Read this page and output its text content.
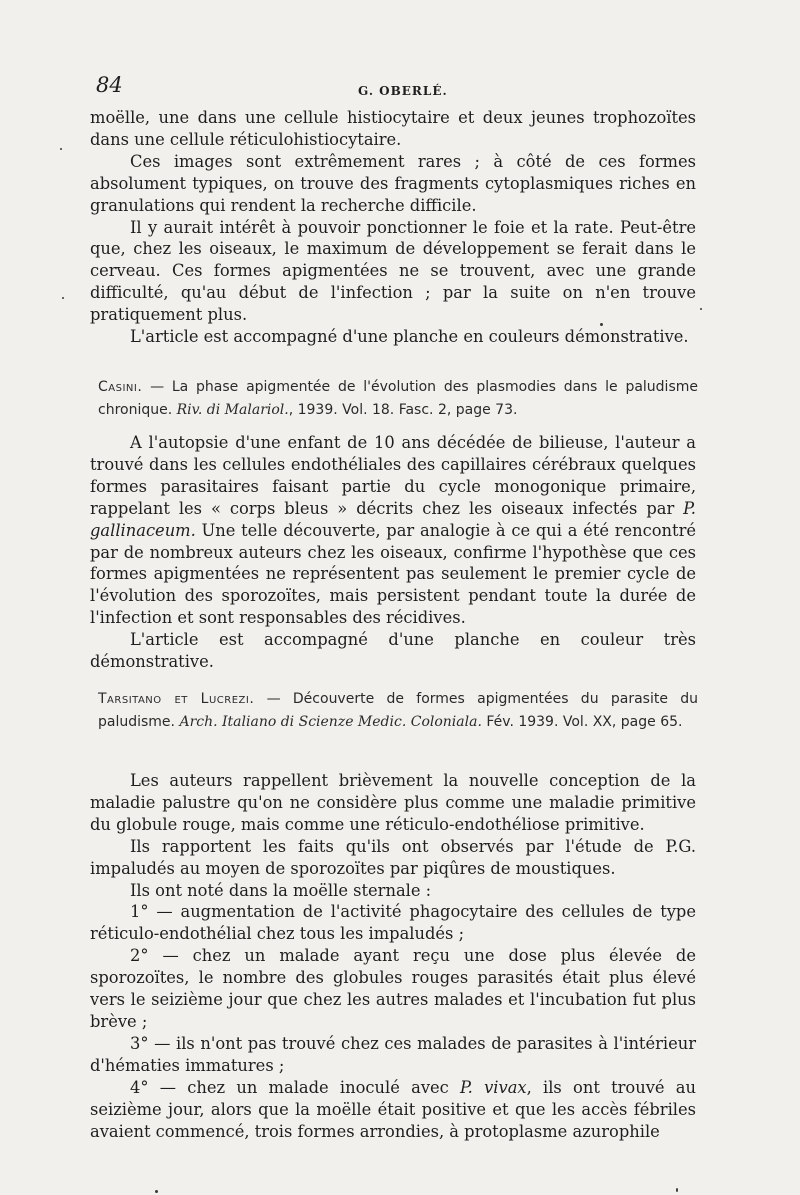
84	G. OBERLÉ.

moëlle, une dans une cellule histiocytaire et deux jeunes trophozoïtes dans une cellule réticulohistiocytaire.

Ces images sont extrêmement rares ; à côté de ces formes absolument typiques, on trouve des fragments cytoplasmiques riches en granulations qui rendent la recherche difficile.

Il y aurait intérêt à pouvoir ponctionner le foie et la rate. Peut-être que, chez les oiseaux, le maximum de développement se ferait dans le cerveau. Ces formes apigmentées ne se trouvent, avec une grande difficulté, qu'au début de l'infection ; par la suite on n'en trouve pratiquement plus.

L'article est accompagné d'une planche en couleurs démonstrative.

Casini. — La phase apigmentée de l'évolution des plasmodies dans le paludisme chronique. Riv. di Malariol., 1939. Vol. 18. Fasc. 2, page 73.

A l'autopsie d'une enfant de 10 ans décédée de bilieuse, l'auteur a trouvé dans les cellules endothéliales des capillaires cérébraux quelques formes parasitaires faisant partie du cycle monogonique primaire, rappelant les « corps bleus » décrits chez les oiseaux infectés par P. gallinaceum. Une telle découverte, par analogie à ce qui a été rencontré par de nombreux auteurs chez les oiseaux, confirme l'hypothèse que ces formes apigmentées ne représentent pas seulement le premier cycle de l'évolution des sporozoïtes, mais persistent pendant toute la durée de l'infection et sont responsables des récidives.

L'article est accompagné d'une planche en couleur très démonstrative.

Tarsitano et Lucrezi. — Découverte de formes apigmentées du parasite du paludisme. Arch. Italiano di Scienze Medic. Coloniala. Fév. 1939. Vol. XX, page 65.

Les auteurs rappellent brièvement la nouvelle conception de la maladie palustre qu'on ne considère plus comme une maladie primitive du globule rouge, mais comme une réticulo-endothéliose primitive.

Ils rapportent les faits qu'ils ont observés par l'étude de P.G. impaludés au moyen de sporozoïtes par piqûres de moustiques.

Ils ont noté dans la moëlle sternale :

1° — augmentation de l'activité phagocytaire des cellules de type réticulo-endothélial chez tous les impaludés ;

2° — chez un malade ayant reçu une dose plus élevée de sporozoïtes, le nombre des globules rouges parasités était plus élevé vers le seizième jour que chez les autres malades et l'incubation fut plus brève ;

3° — ils n'ont pas trouvé chez ces malades de parasites à l'intérieur d'hématies immatures ;

4° — chez un malade inoculé avec P. vivax, ils ont trouvé au seizième jour, alors que la moëlle était positive et que les accès fébriles avaient commencé, trois formes arrondies, à protoplasme azurophile
